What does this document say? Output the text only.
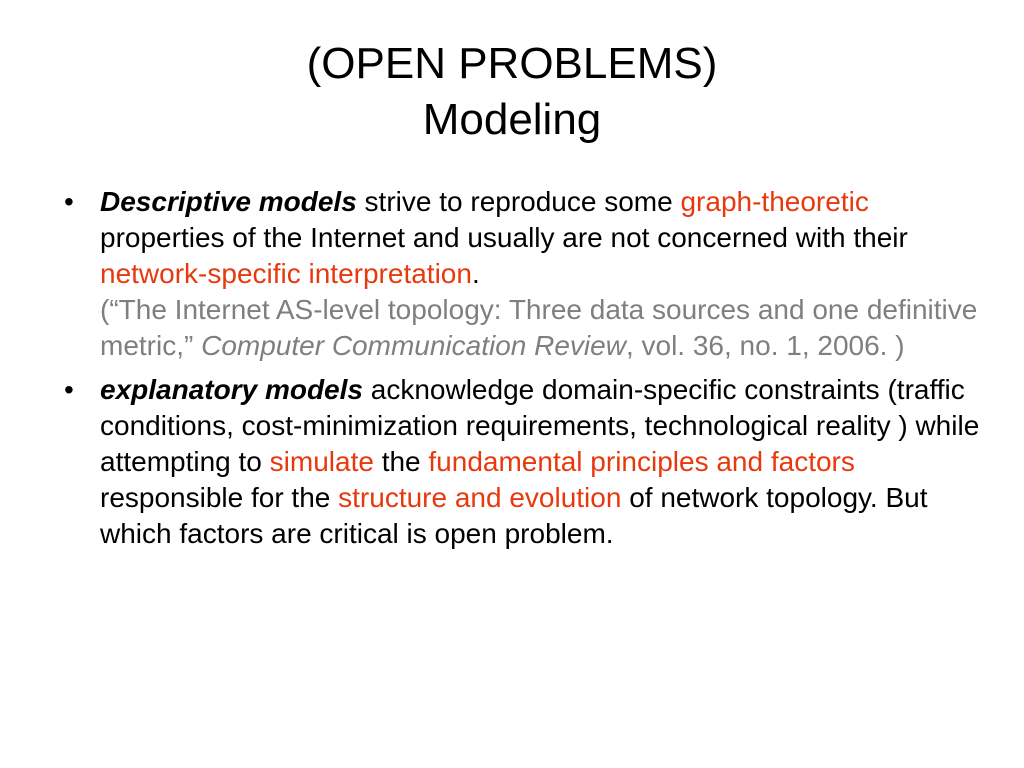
(OPEN PROBLEMS)
Modeling
• Descriptive models strive to reproduce some graph-theoretic properties of the Internet and usually are not concerned with their network-specific interpretation.
(“The Internet AS-level topology: Three data sources and one definitive metric,” Computer Communication Review, vol. 36, no. 1, 2006. )
• explanatory models acknowledge domain-specific constraints (traffic conditions, cost-minimization requirements, technological reality ) while attempting to simulate the fundamental principles and factors responsible for the structure and evolution of network topology. But which factors are critical is open problem.
